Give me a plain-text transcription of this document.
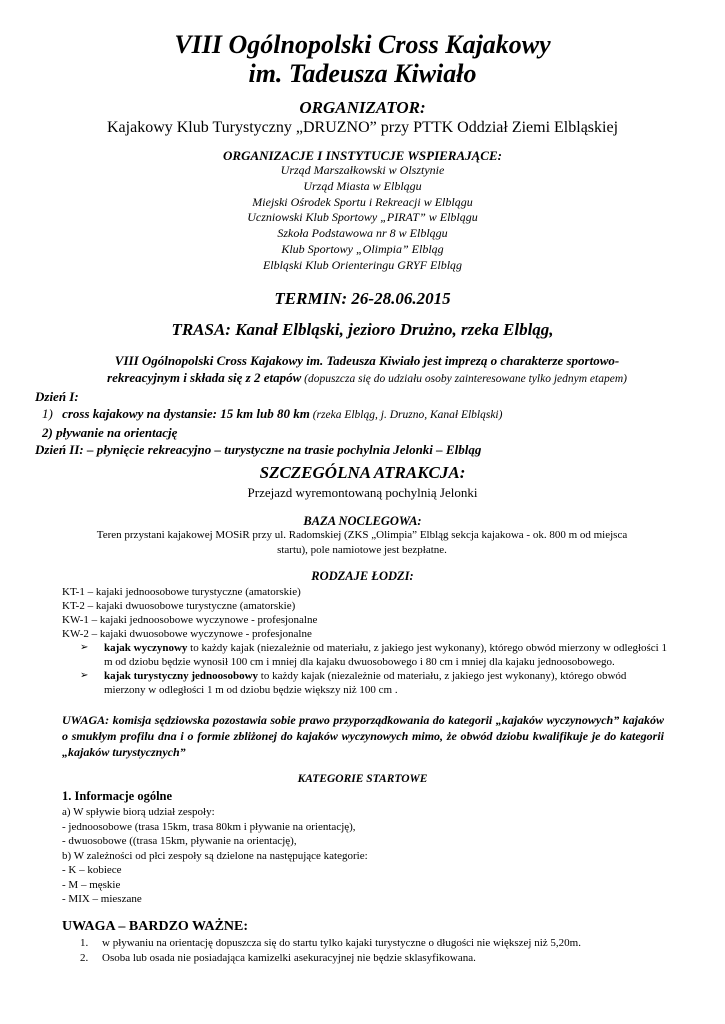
VIII Ogólnopolski Cross Kajakowy
im. Tadeusza Kiwiało
ORGANIZATOR:
Kajakowy Klub Turystyczny „DRUZNO” przy PTTK Oddział Ziemi Elbląskiej
ORGANIZACJE I INSTYTUCJE WSPIERAJĄCE:
Urząd Marszałkowski w Olsztynie
Urząd Miasta w Elblągu
Miejski Ośrodek Sportu i Rekreacji w Elblągu
Uczniowski Klub Sportowy „PIRAT” w Elblągu
Szkoła Podstawowa nr 8 w Elblągu
Klub Sportowy „Olimpia” Elbląg
Elbląski Klub Orienteringu GRYF Elbląg
TERMIN: 26-28.06.2015
TRASA: Kanał Elbląski, jezioro Drużno, rzeka Elbląg,
VIII Ogólnopolski Cross Kajakowy im. Tadeusza Kiwiało jest imprezą o charakterze sportowo-
rekreacyjnym i składa się z 2 etapów (dopuszcza się do udziału osoby zainteresowane tylko jednym etapem)
Dzień I:
1) cross kajakowy na dystansie: 15 km lub 80 km (rzeka Elbląg, j. Druzno, Kanał Elbląski)
2) pływanie na orientację
Dzień II: – płynięcie rekreacyjno – turystyczne na trasie pochylnia Jelonki – Elbląg
SZCZEGÓLNA ATRAKCJA:
Przejazd wyremontowaną pochylnią Jelonki
BAZA NOCLEGOWA:
Teren przystani kajakowej MOSiR przy ul. Radomskiej (ZKS „Olimpia” Elbląg sekcja kajakowa - ok. 800 m od miejsca
startu), pole namiotowe jest bezpłatne.
RODZAJE ŁODZI:
KT-1 – kajaki jednoosobowe turystyczne (amatorskie)
KT-2 – kajaki dwuosobowe turystyczne (amatorskie)
KW-1 – kajaki jednoosobowe wyczynowe - profesjonalne
KW-2 – kajaki dwuosobowe wyczynowe - profesjonalne
➢ kajak wyczynowy to każdy kajak (niezależnie od materiału, z jakiego jest wykonany), którego obwód mierzony w odległości 1 m od dziobu będzie wynosił 100 cm i mniej dla kajaku dwuosobowego i 80 cm i mniej dla kajaku jednoosobowego.
➢ kajak turystyczny jednoosobowy to każdy kajak (niezależnie od materiału, z jakiego jest wykonany), którego obwód mierzony w odległości 1 m od dziobu będzie większy niż 100 cm .
UWAGA: komisja sędziowska pozostawia sobie prawo przyporządkowania do kategorii „kajaków wyczynowych” kajaków o smukłym profilu dna i o formie zbliżonej do kajaków wyczynowych mimo, że obwód dziobu kwalifikuje je do kategorii „kajaków turystycznych”
KATEGORIE STARTOWE
1. Informacje ogólne
a) W spływie biorą udział zespoły:
- jednoosobowe (trasa 15km, trasa 80km i pływanie na orientację),
- dwuosobowe ((trasa 15km, pływanie na orientację),
b) W zależności od płci zespoły są dzielone na następujące kategorie:
- K – kobiece
- M – męskie
- MIX – mieszane
UWAGA – BARDZO WAŻNE:
1. w pływaniu na orientację dopuszcza się do startu tylko kajaki turystyczne o długości nie większej niż 5,20m.
2. Osoba lub osada nie posiadająca kamizelki asekuracyjnej nie będzie sklasyfikowana.
